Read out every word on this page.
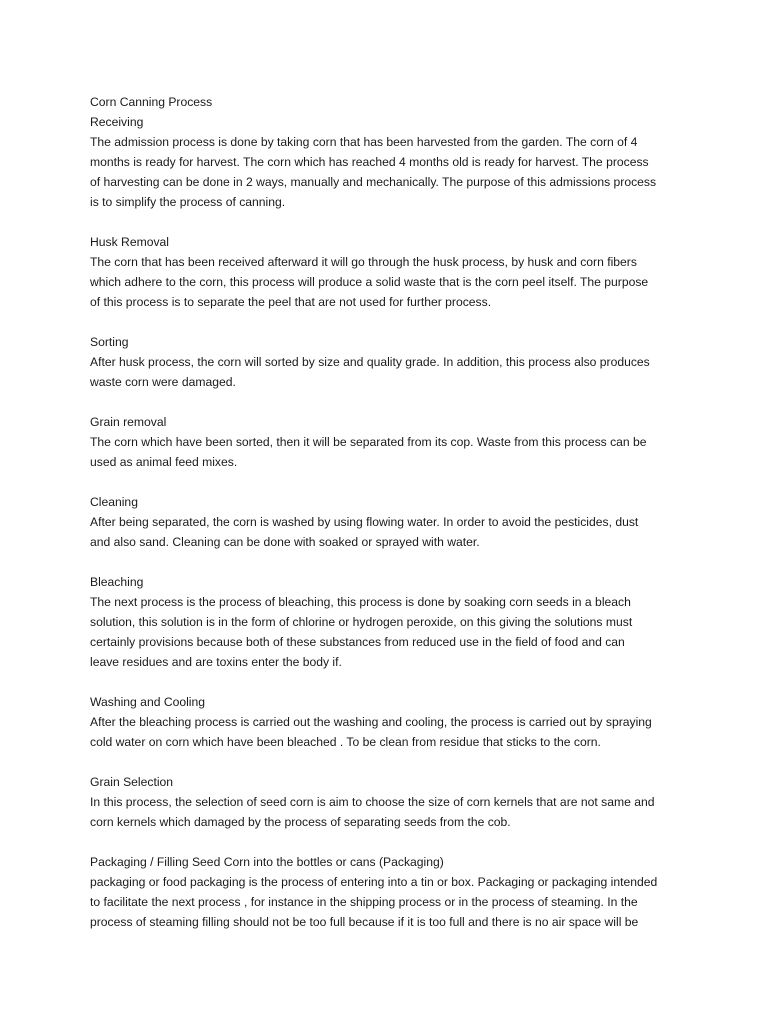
Corn Canning Process
Receiving The admission process is done by taking corn that has been harvested from the garden. The corn of 4 months is ready for harvest. The corn which has reached 4 months old is ready for harvest. The process of harvesting can be done in 2 ways, manually and mechanically. The purpose of this admissions process is to simplify the process of canning.
Husk Removal The corn that has been received afterward it will go through the husk process, by husk and corn fibers which adhere to the corn, this process will produce a solid waste that is the corn peel itself. The purpose of this process is to separate the peel that are not used for further process.
Sorting After husk process, the corn will sorted by size and quality grade. In addition, this process also produces waste corn were damaged.
Grain removal The corn which have been sorted, then it will be separated from its cop. Waste from this process can be used as animal feed mixes.
Cleaning After being separated, the corn is washed by using flowing water. In order to avoid the pesticides, dust and also sand. Cleaning can be done with soaked or sprayed with water.
Bleaching The next process is the process of bleaching, this process is done by soaking corn seeds in a bleach solution, this solution is in the form of chlorine or hydrogen peroxide, on this giving the solutions must certainly provisions because both of these substances from reduced use in the field of food and can leave residues and are toxins enter the body if.
Washing and Cooling After the bleaching process is carried out the washing and cooling, the process is carried out by spraying cold water on corn which have been bleached . To be clean from residue that sticks to the corn.
Grain Selection In this process, the selection of seed corn is aim to choose the size of corn kernels that are not same and corn kernels which damaged by the process of separating seeds from the cob.
Packaging / Filling Seed Corn into the bottles or cans (Packaging) packaging or food packaging is the process of entering into a tin or box. Packaging or packaging intended to facilitate the next process , for instance in the shipping process or in the process of steaming. In the process of steaming filling should not be too full because if it is too full and there is no air space will be
